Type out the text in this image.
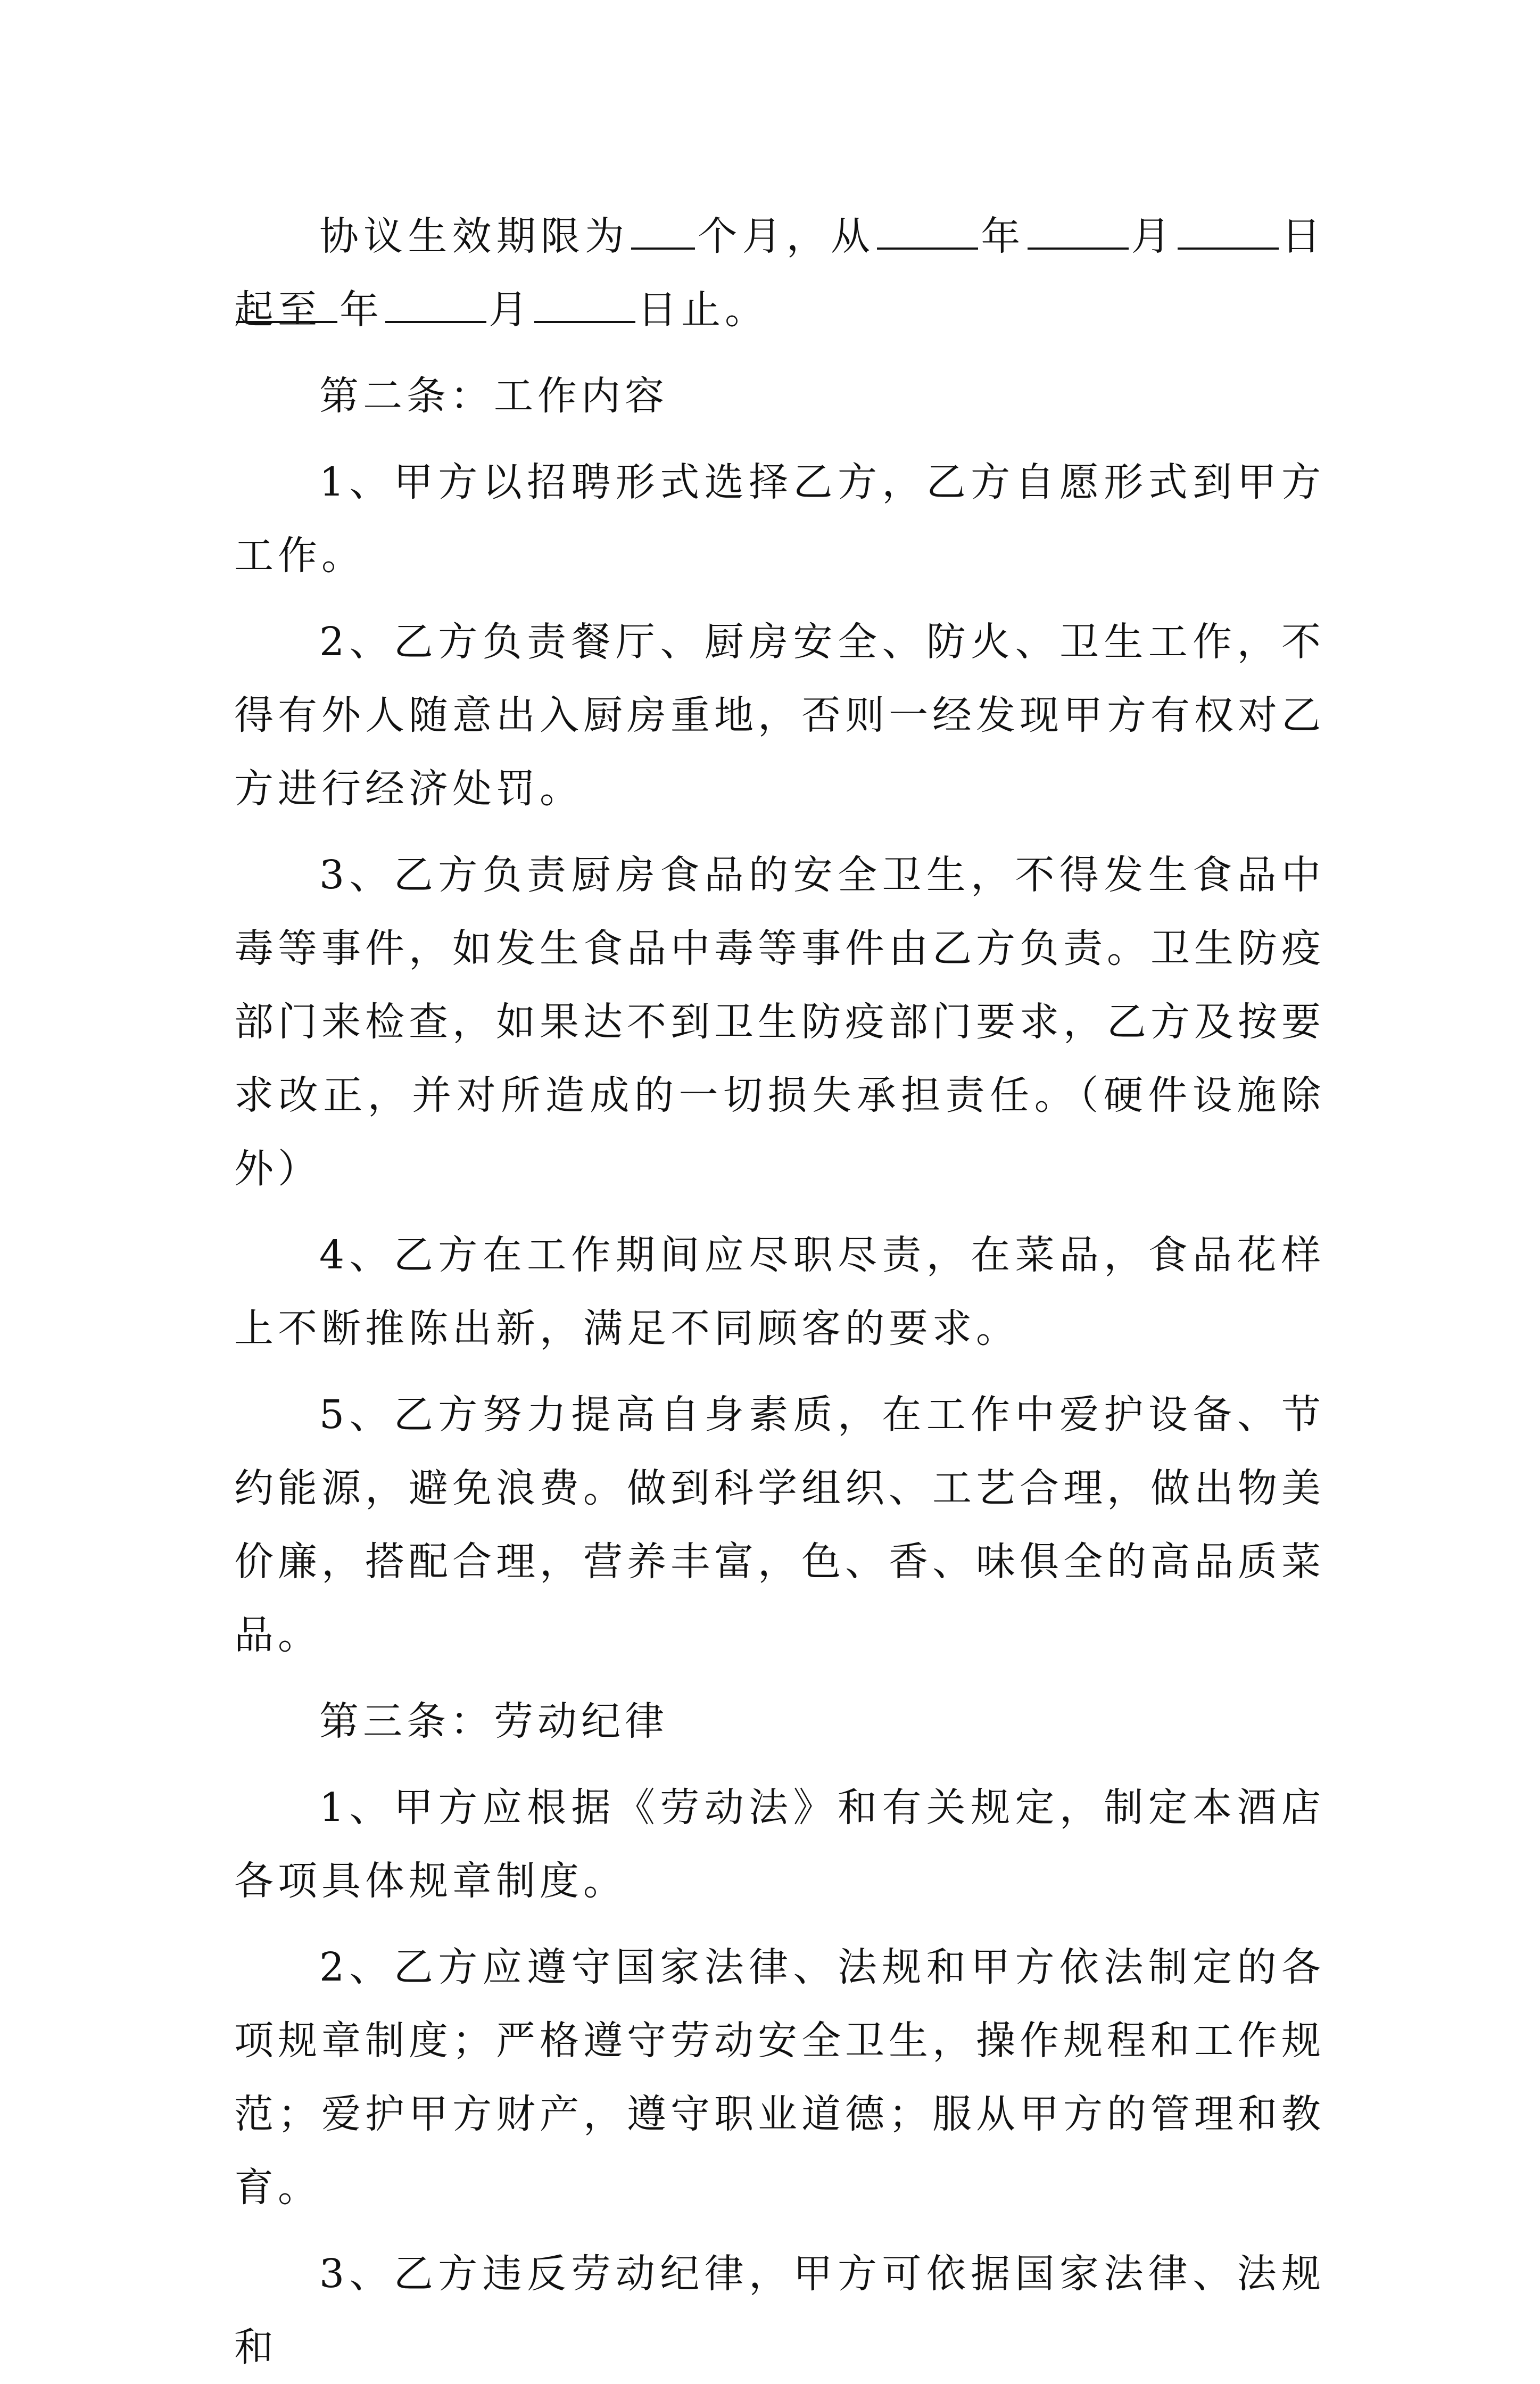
协议生效期限为 个月，从	年	月	日起至 年	月	日止。

第二条：工作内容

1、甲方以招聘形式选择乙方，乙方自愿形式到甲方工作。

2、乙方负责餐厅、厨房安全、防火、卫生工作，不得有外人随意出入厨房重地，否则一经发现甲方有权对乙方进行经济处罚。

3、乙方负责厨房食品的安全卫生，不得发生食品中毒等事件，如发生食品中毒等事件由乙方负责。卫生防疫部门来检查，如果达不到卫生防疫部门要求，乙方及按要求改正，并对所造成的一切损失承担责任。（硬件设施除外）

4、乙方在工作期间应尽职尽责，在菜品，食品花样上不断推陈出新，满足不同顾客的要求。

5、乙方努力提高自身素质，在工作中爱护设备、节约能源，避免浪费。做到科学组织、工艺合理，做出物美价廉，搭配合理，营养丰富，色、香、味俱全的高品质菜品。

第三条：劳动纪律

1、甲方应根据《劳动法》和有关规定，制定本酒店各项具体规章制度。

2、乙方应遵守国家法律、法规和甲方依法制定的各项规章制度；严格遵守劳动安全卫生，操作规程和工作规范；爱护甲方财产，遵守职业道德；服从甲方的管理和教育。

3、乙方违反劳动纪律，甲方可依据国家法律、法规和
